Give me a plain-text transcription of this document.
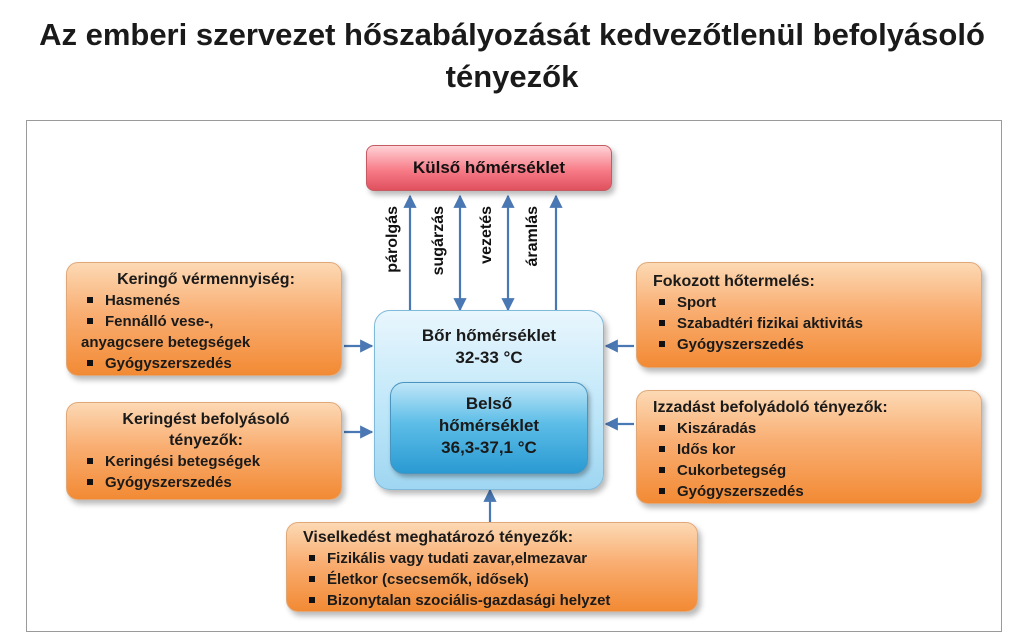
Az emberi szervezet hőszabályozását kedvezőtlenül befolyásoló
tényezők
Külső hőmérséklet
párolgás sugárzás vezetés áramlás
Bőr hőmérséklet
32-33 °C
Belső
hőmérséklet
36,3-37,1 °C
Keringő vérmennyiség:
Hasmenés
Fennálló vese-,
anyagcsere betegségek
Gyógyszerszedés
Keringést befolyásoló
tényezők:
Keringési betegségek
Gyógyszerszedés
Fokozott hőtermelés:
Sport
Szabadtéri fizikai aktivitás
Gyógyszerszedés
Izzadást befolyádoló tényezők:
Kiszáradás
Idős kor
Cukorbetegség
Gyógyszerszedés
Viselkedést meghatározó tényezők:
Fizikális vagy tudati zavar,elmezavar
Életkor (csecsemők, idősek)
Bizonytalan szociális-gazdasági helyzet
